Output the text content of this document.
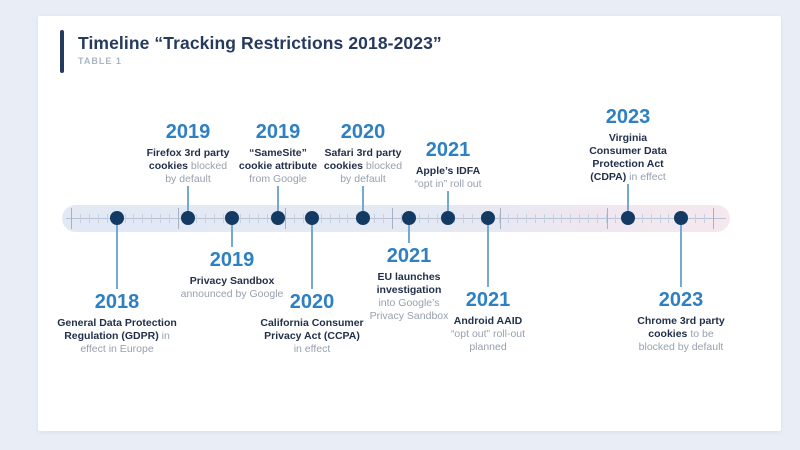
Timeline “Tracking Restrictions 2018-2023”
TABLE 1
2018
General Data Protection
Regulation (GDPR) in
effect in Europe
2019
Firefox 3rd party
cookies blocked
by default
2019
Privacy Sandbox
announced by Google
2019
“SameSite”
cookie attribute
from Google
2020
California Consumer
Privacy Act (CCPA)
in effect
2020
Safari 3rd party
cookies blocked
by default
2021
EU launches
investigation
into Google’s
Privacy Sandbox
2021
Apple’s IDFA
“opt in” roll out
2021
Android AAID
“opt out” roll-out
planned
2023
Virginia
Consumer Data
Protection Act
(CDPA) in effect
2023
Chrome 3rd party
cookies to be
blocked by default
